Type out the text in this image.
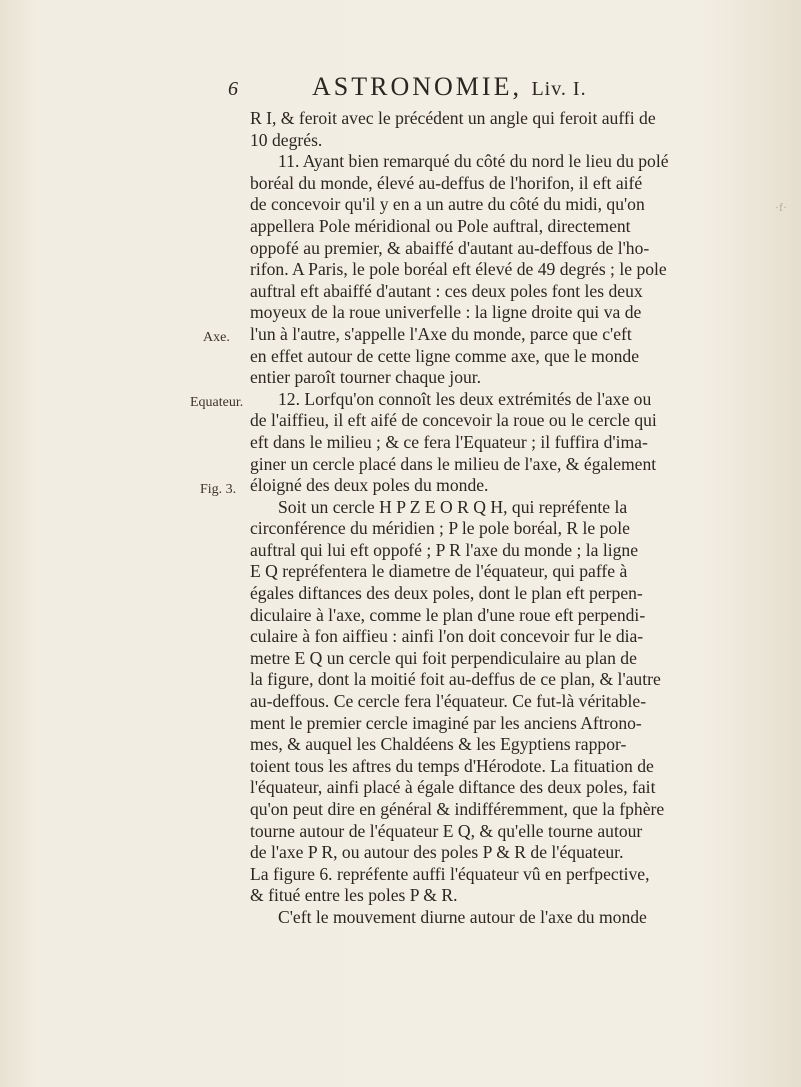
6	ASTRONOMIE, Liv. I.
Axe.
Equateur.
Fig. 3.
·f·
R I, & feroit avec le précédent un angle qui feroit auffi de
10 degrés.
11. Ayant bien remarqué du côté du nord le lieu du polé
boréal du monde, élevé au-deffus de l'horifon, il eft aifé
de concevoir qu'il y en a un autre du côté du midi, qu'on
appellera Pole méridional ou Pole auftral, directement
oppofé au premier, & abaiffé d'autant au-deffous de l'ho-
rifon. A Paris, le pole boréal eft élevé de 49 degrés ; le pole
auftral eft abaiffé d'autant : ces deux poles font les deux
moyeux de la roue univerfelle : la ligne droite qui va de
l'un à l'autre, s'appelle l'Axe du monde, parce que c'eft
en effet autour de cette ligne comme axe, que le monde
entier paroît tourner chaque jour.
12. Lorfqu'on connoît les deux extrémités de l'axe ou
de l'aiffieu, il eft aifé de concevoir la roue ou le cercle qui
eft dans le milieu ; & ce fera l'Equateur ; il fuffira d'ima-
giner un cercle placé dans le milieu de l'axe, & également
éloigné des deux poles du monde.
Soit un cercle H P Z E O R Q H, qui repréfente la
circonférence du méridien ; P le pole boréal, R le pole
auftral qui lui eft oppofé ; P R l'axe du monde ; la ligne
E Q repréfentera le diametre de l'équateur, qui paffe à
égales diftances des deux poles, dont le plan eft perpen-
diculaire à l'axe, comme le plan d'une roue eft perpendi-
culaire à fon aiffieu : ainfi l'on doit concevoir fur le dia-
metre E Q un cercle qui foit perpendiculaire au plan de
la figure, dont la moitié foit au-deffus de ce plan, & l'autre
au-deffous. Ce cercle fera l'équateur. Ce fut-là véritable-
ment le premier cercle imaginé par les anciens Aftrono-
mes, & auquel les Chaldéens & les Egyptiens rappor-
toient tous les aftres du temps d'Hérodote. La fituation de
l'équateur, ainfi placé à égale diftance des deux poles, fait
qu'on peut dire en général & indifféremment, que la fphère
tourne autour de l'équateur E Q, & qu'elle tourne autour
de l'axe P R, ou autour des poles P & R de l'équateur.
La figure 6. repréfente auffi l'équateur vû en perfpective,
& fitué entre les poles P & R.
C'eft le mouvement diurne autour de l'axe du monde
